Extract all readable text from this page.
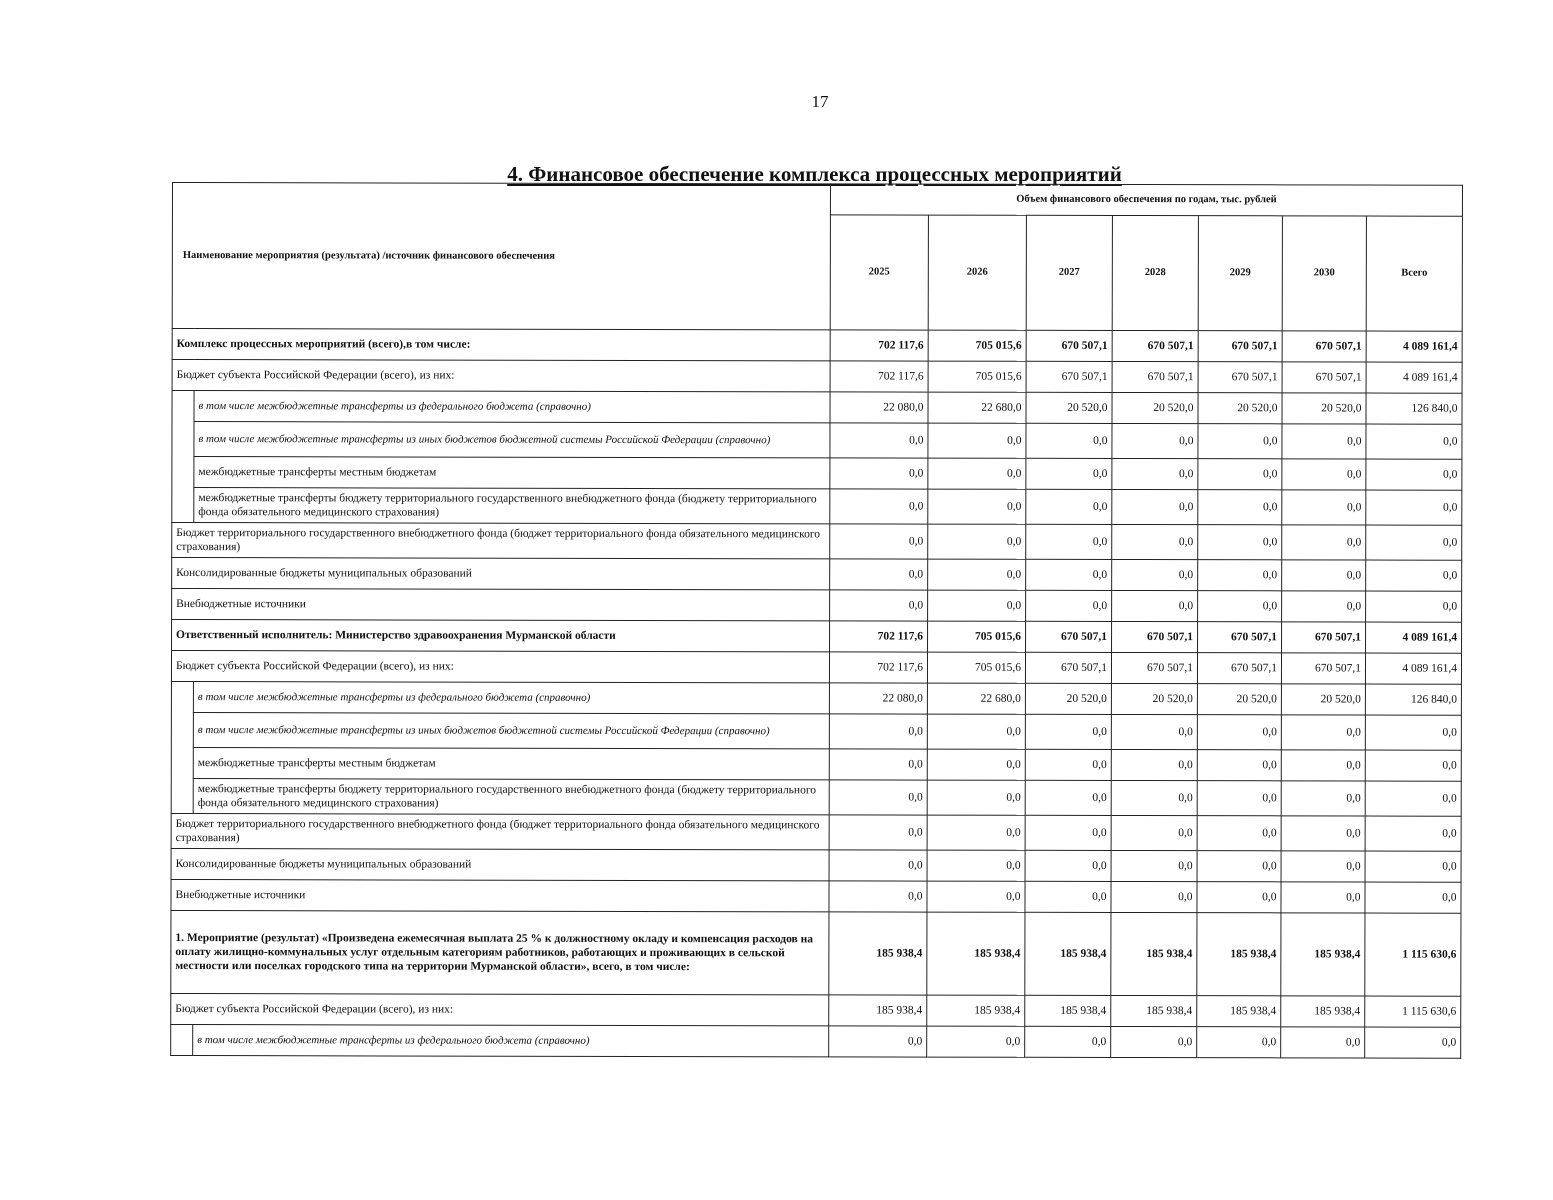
17
4. Финансовое обеспечение комплекса процессных мероприятий
Наименование мероприятия (результата) /источник финансового обеспечения		Объем финансового обеспечения по годам, тыс. рублей						
		2025	2026	2027	2028	2029	2030	Всего
Комплекс процессных мероприятий (всего),в том числе:		702 117,6	705 015,6	670 507,1	670 507,1	670 507,1	670 507,1	4 089 161,4
Бюджет субъекта Российской Федерации (всего), из них:		702 117,6	705 015,6	670 507,1	670 507,1	670 507,1	670 507,1	4 089 161,4
	в том числе межбюджетные трансферты из федерального бюджета (справочно)	22 080,0	22 680,0	20 520,0	20 520,0	20 520,0	20 520,0	126 840,0
	в том числе межбюджетные трансферты из иных бюджетов бюджетной системы Российской Федерации (справочно)	0,0	0,0	0,0	0,0	0,0	0,0	0,0
	межбюджетные трансферты местным бюджетам	0,0	0,0	0,0	0,0	0,0	0,0	0,0
	межбюджетные трансферты бюджету территориального государственного внебюджетного фонда (бюджету территориального фонда обязательного медицинского страхования)	0,0	0,0	0,0	0,0	0,0	0,0	0,0
Бюджет территориального государственного внебюджетного фонда (бюджет территориального фонда обязательного медицинского страхования)		0,0	0,0	0,0	0,0	0,0	0,0	0,0
Консолидированные бюджеты муниципальных образований		0,0	0,0	0,0	0,0	0,0	0,0	0,0
Внебюджетные источники		0,0	0,0	0,0	0,0	0,0	0,0	0,0
Ответственный исполнитель: Министерство здравоохранения Мурманской области		702 117,6	705 015,6	670 507,1	670 507,1	670 507,1	670 507,1	4 089 161,4
Бюджет субъекта Российской Федерации (всего), из них:		702 117,6	705 015,6	670 507,1	670 507,1	670 507,1	670 507,1	4 089 161,4
	в том числе межбюджетные трансферты из федерального бюджета (справочно)	22 080,0	22 680,0	20 520,0	20 520,0	20 520,0	20 520,0	126 840,0
	в том числе межбюджетные трансферты из иных бюджетов бюджетной системы Российской Федерации (справочно)	0,0	0,0	0,0	0,0	0,0	0,0	0,0
	межбюджетные трансферты местным бюджетам	0,0	0,0	0,0	0,0	0,0	0,0	0,0
	межбюджетные трансферты бюджету территориального государственного внебюджетного фонда (бюджету территориального фонда обязательного медицинского страхования)	0,0	0,0	0,0	0,0	0,0	0,0	0,0
Бюджет территориального государственного внебюджетного фонда (бюджет территориального фонда обязательного медицинского страхования)		0,0	0,0	0,0	0,0	0,0	0,0	0,0
Консолидированные бюджеты муниципальных образований		0,0	0,0	0,0	0,0	0,0	0,0	0,0
Внебюджетные источники		0,0	0,0	0,0	0,0	0,0	0,0	0,0
1. Мероприятие (результат) «Произведена ежемесячная выплата 25 % к должностному окладу и компенсация расходов на оплату жилищно-коммунальных услуг отдельным категориям работников, работающих и проживающих в сельской местности или поселках городского типа на территории Мурманской области», всего, в том числе:		185 938,4	185 938,4	185 938,4	185 938,4	185 938,4	185 938,4	1 115 630,6
Бюджет субъекта Российской Федерации (всего), из них:		185 938,4	185 938,4	185 938,4	185 938,4	185 938,4	185 938,4	1 115 630,6
	в том числе межбюджетные трансферты из федерального бюджета (справочно)	0,0	0,0	0,0	0,0	0,0	0,0	0,0
